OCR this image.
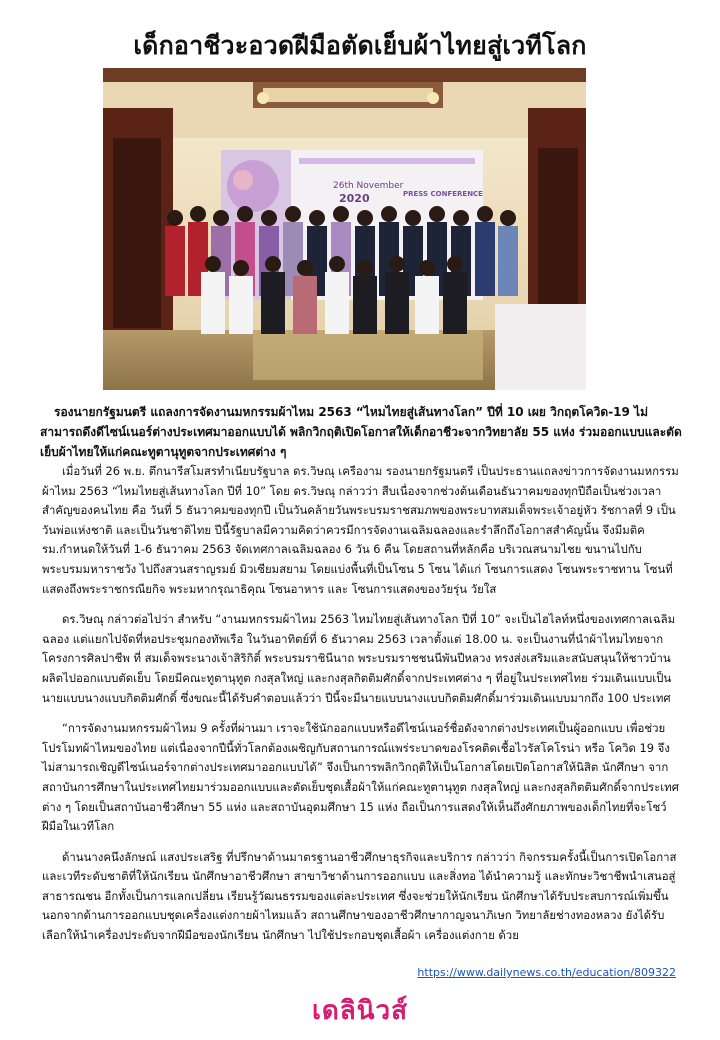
เด็กอาชีวะอวดฝีมือตัดเย็บผ้าไทยสู่เวทีโลก
26th November
2020	PRESS CONFERENCE
รองนายกรัฐมนตรี แถลงการจัดงานมหกรรมผ้าไหม 2563 “ไหมไทยสู่เส้นทางโลก” ปีที่ 10 เผย วิกฤตโควิด-19 ไม่สามารถดึงดีไซน์เนอร์ต่างประเทศมาออกแบบได้ พลิกวิกฤติเปิดโอกาสให้เด็กอาชีวะจากวิทยาลัย 55 แห่ง ร่วมออกแบบและตัดเย็บผ้าไทยให้แก่คณะทูตานุทูตจากประเทศต่าง ๆ

เมื่อวันที่ 26 พ.ย. ตึกนารีสโมสรทำเนียบรัฐบาล ดร.วิษณุ เครืองาม รองนายกรัฐมนตรี เป็นประธานแถลงข่าวการจัดงานมหกรรมผ้าไหม 2563 “ไหมไทยสู่เส้นทางโลก ปีที่ 10” โดย ดร.วิษณุ กล่าวว่า สืบเนื่องจากช่วงต้นเดือนธันวาคมของทุกปีถือเป็นช่วงเวลาสำคัญของคนไทย คือ วันที่ 5 ธันวาคมของทุกปี เป็นวันคล้ายวันพระบรมราชสมภพของพระบาทสมเด็จพระเจ้าอยู่หัว รัชกาลที่ 9 เป็นวันพ่อแห่งชาติ และเป็นวันชาติไทย ปีนี้รัฐบาลมีความคิดว่าควรมีการจัดงานเฉลิมฉลองและรำลึกถึงโอกาสสำคัญนั้น จึงมีมติครม.กำหนดให้วันที่ 1-6 ธันวาคม 2563 จัดเทศกาลเฉลิมฉลอง 6 วัน 6 คืน โดยสถานที่หลักคือ บริเวณสนามไชย ขนานไปกับพระบรมมหาราชวัง ไปถึงสวนสราญรมย์ มิวเซียมสยาม โดยแบ่งพื้นที่เป็นโซน 5 โซน ได้แก่ โซนการแสดง โซนพระราชทาน โซนที่แสดงถึงพระราชกรณียกิจ พระมหากรุณาธิคุณ โซนอาหาร และ โซนการแสดงของวัยรุ่น วัยใส

ดร.วิษณุ กล่าวต่อไปว่า สำหรับ “งานมหกรรมผ้าไหม 2563 ไหมไทยสู่เส้นทางโลก ปีที่ 10” จะเป็นไฮไลท์หนึ่งของเทศกาลเฉลิมฉลอง แต่แยกไปจัดที่หอประชุมกองทัพเรือ ในวันอาทิตย์ที่ 6 ธันวาคม 2563 เวลาตั้งแต่ 18.00 น. จะเป็นงานที่นำผ้าไหมไทยจากโครงการศิลปาชีพ ที่ สมเด็จพระนางเจ้าสิริกิติ์ พระบรมราชินีนาถ พระบรมราชชนนีพันปีหลวง ทรงส่งเสริมและสนับสนุนให้ชาวบ้านผลิตไปออกแบบตัดเย็บ โดยมีคณะทูตานุทูต กงสุลใหญ่ และกงสุลกิตติมศักดิ์จากประเทศต่าง ๆ ที่อยู่ในประเทศไทย ร่วมเดินแบบเป็นนายแบบนางแบบกิตติมศักดิ์ ซึ่งขณะนี้ได้รับคำตอบแล้วว่า ปีนี้จะมีนายแบบนางแบบกิตติมศักดิ์มาร่วมเดินแบบมากถึง 100 ประเทศ

“การจัดงานมหกรรมผ้าไหม 9 ครั้งที่ผ่านมา เราจะใช้นักออกแบบหรือดีไซน์เนอร์ชื่อดังจากต่างประเทศเป็นผู้ออกแบบ เพื่อช่วยโปรโมทผ้าไหมของไทย แต่เนื่องจากปีนี้ทั่วโลกต้องเผชิญกับสถานการณ์แพร่ระบาดของโรคติดเชื้อไวรัสโคโรน่า หรือ โควิด 19 จึงไม่สามารถเชิญดีไซน์เนอร์จากต่างประเทศมาออกแบบได้” จึงเป็นการพลิกวิกฤติให้เป็นโอกาสโดยเปิดโอกาสให้นิสิต นักศึกษา จากสถาบันการศึกษาในประเทศไทยมาร่วมออกแบบและตัดเย็บชุดเสื้อผ้าให้แก่คณะทูตานุทูต กงสุลใหญ่ และกงสุลกิตติมศักดิ์จากประเทศต่าง ๆ โดยเป็นสถาบันอาชีวศึกษา 55 แห่ง และสถาบันอุดมศึกษา 15 แห่ง ถือเป็นการแสดงให้เห็นถึงศักยภาพของเด็กไทยที่จะโชว์ฝีมือในเวทีโลก

ด้านนางคนึงลักษณ์ แสงประเสริฐ ที่ปรึกษาด้านมาตรฐานอาชีวศึกษาธุรกิจและบริการ กล่าวว่า กิจกรรมครั้งนี้เป็นการเปิดโอกาส และเวทีระดับชาติที่ให้นักเรียน นักศึกษาอาชีวศึกษา สาขาวิชาด้านการออกแบบ และสิ่งทอ ได้นำความรู้ และทักษะวิชาชีพนำเสนอสู่สาธารณชน อีกทั้งเป็นการแลกเปลี่ยน เรียนรู้วัฒนธรรมของแต่ละประเทศ ซึ่งจะช่วยให้นักเรียน นักศึกษาได้รับประสบการณ์เพิ่มขึ้น นอกจากด้านการออกแบบชุดเครื่องแต่งกายผ้าไหมแล้ว สถานศึกษาของอาชีวศึกษากาญจนาภิเษก วิทยาลัยช่างทองหลวง ยังได้รับเลือกให้นำเครื่องประดับจากฝีมือของนักเรียน นักศึกษา ไปใช้ประกอบชุดเสื้อผ้า เครื่องแต่งกาย ด้วย

https://www.dailynews.co.th/education/809322
เดลินิวส์
